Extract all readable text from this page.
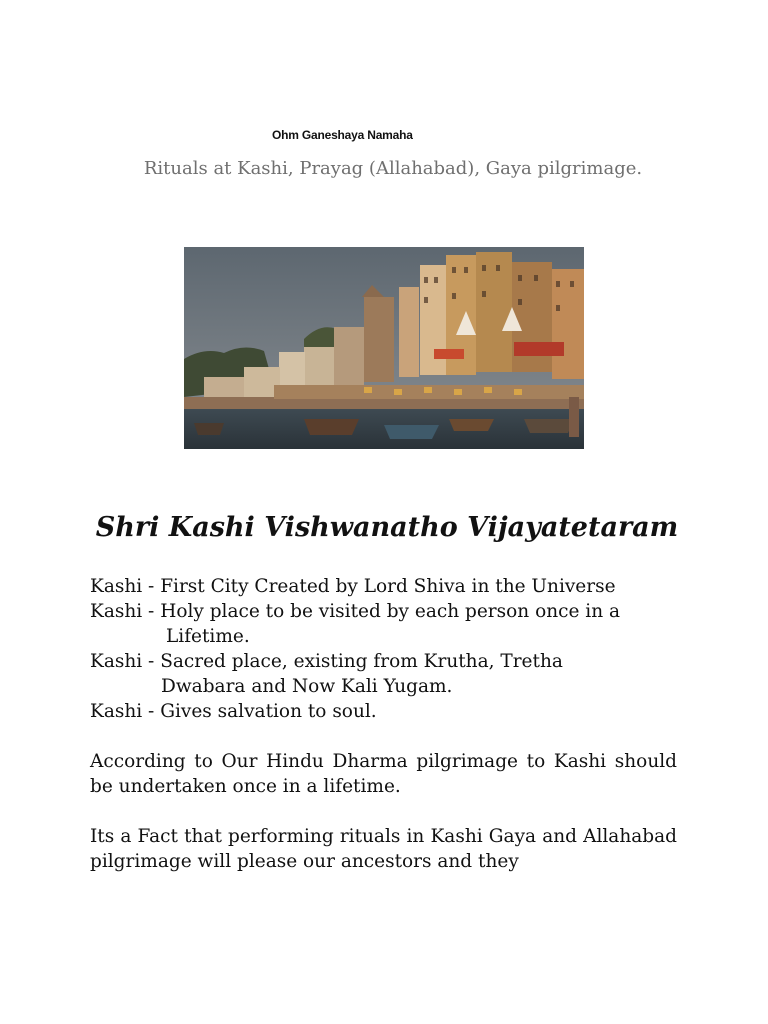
Ohm Ganeshaya Namaha
Rituals at Kashi, Prayag (Allahabad), Gaya pilgrimage.
Shri Kashi Vishwanatho Vijayatetaram
Kashi - First City Created by Lord Shiva in the Universe
Kashi - Holy place to be visited by each person once in a
Lifetime.
Kashi - Sacred place, existing from Krutha, Tretha
Dwabara and Now Kali Yugam.
Kashi - Gives salvation to soul.
According to Our Hindu Dharma pilgrimage to Kashi should be undertaken once in a lifetime.
Its a Fact that performing rituals in Kashi Gaya and Allahabad pilgrimage will please our ancestors and they
